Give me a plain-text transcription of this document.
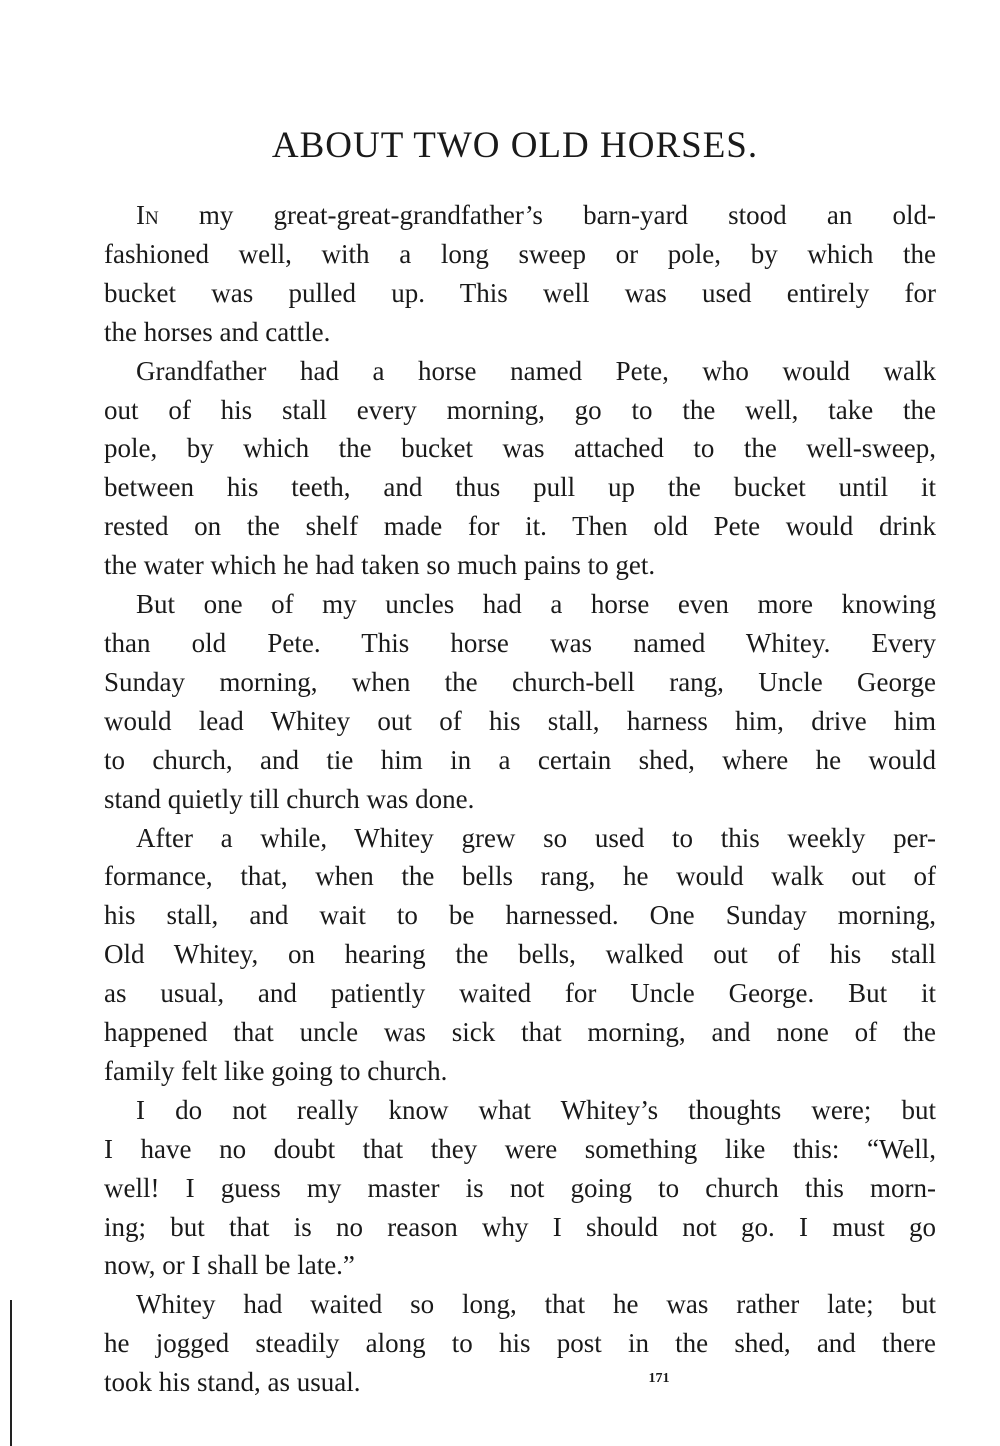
ABOUT TWO OLD HORSES.

In my great-great-grandfather’s barn-yard stood an old-
fashioned well, with a long sweep or pole, by which the
bucket was pulled up. This well was used entirely for
the horses and cattle.

Grandfather had a horse named Pete, who would walk
out of his stall every morning, go to the well, take the
pole, by which the bucket was attached to the well-sweep,
between his teeth, and thus pull up the bucket until it
rested on the shelf made for it. Then old Pete would drink
the water which he had taken so much pains to get.

But one of my uncles had a horse even more knowing
than old Pete. This horse was named Whitey. Every
Sunday morning, when the church-bell rang, Uncle George
would lead Whitey out of his stall, harness him, drive him
to church, and tie him in a certain shed, where he would
stand quietly till church was done.

After a while, Whitey grew so used to this weekly per-
formance, that, when the bells rang, he would walk out of
his stall, and wait to be harnessed. One Sunday morning,
Old Whitey, on hearing the bells, walked out of his stall
as usual, and patiently waited for Uncle George. But it
happened that uncle was sick that morning, and none of the
family felt like going to church.

I do not really know what Whitey’s thoughts were; but
I have no doubt that they were something like this: “Well,
well! I guess my master is not going to church this morn-
ing; but that is no reason why I should not go. I must go
now, or I shall be late.”

Whitey had waited so long, that he was rather late; but
he jogged steadily along to his post in the shed, and there
took his stand, as usual.	171
